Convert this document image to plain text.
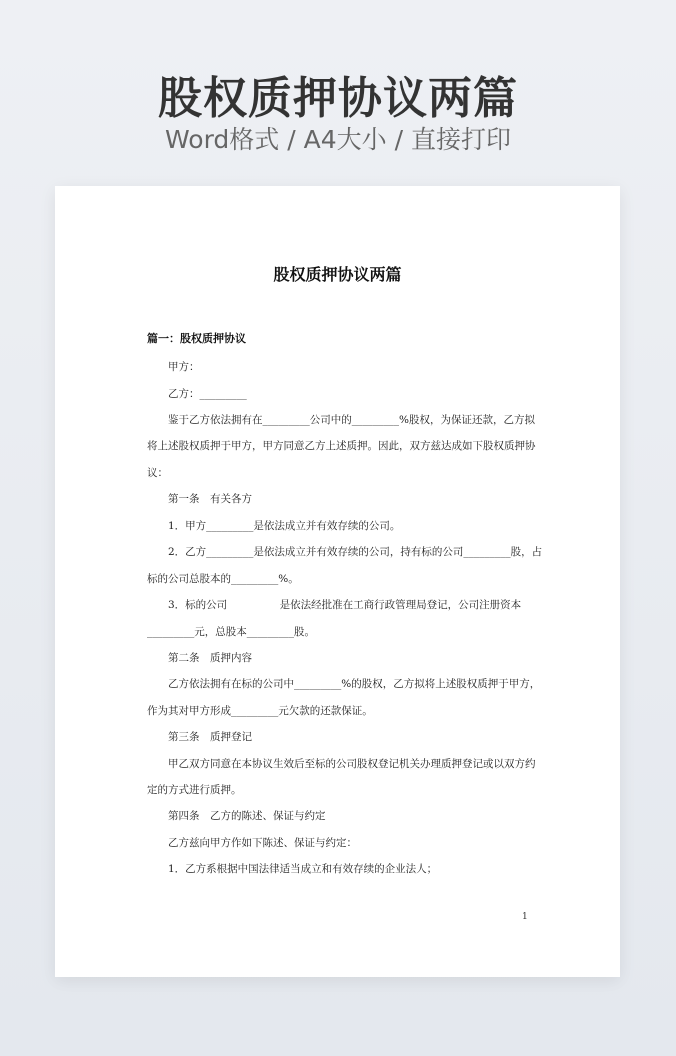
股权质押协议两篇
Word格式 / A4大小 / 直接打印
股权质押协议两篇
篇一：股权质押协议
甲方：
乙方：_________
鉴于乙方依法拥有在_________公司中的_________%股权，为保证还款，乙方拟
将上述股权质押于甲方，甲方同意乙方上述质押。因此，双方兹达成如下股权质押协
议：
第一条　有关各方
1．甲方_________是依法成立并有效存续的公司。
2．乙方_________是依法成立并有效存续的公司，持有标的公司_________股，占
标的公司总股本的_________%。
3．标的公司　　　　　是依法经批准在工商行政管理局登记，公司注册资本
_________元，总股本_________股。
第二条　质押内容
乙方依法拥有在标的公司中_________%的股权，乙方拟将上述股权质押于甲方，
作为其对甲方形成_________元欠款的还款保证。
第三条　质押登记
甲乙双方同意在本协议生效后至标的公司股权登记机关办理质押登记或以双方约
定的方式进行质押。
第四条　乙方的陈述、保证与约定
乙方兹向甲方作如下陈述、保证与约定：
1．乙方系根据中国法律适当成立和有效存续的企业法人；
1
